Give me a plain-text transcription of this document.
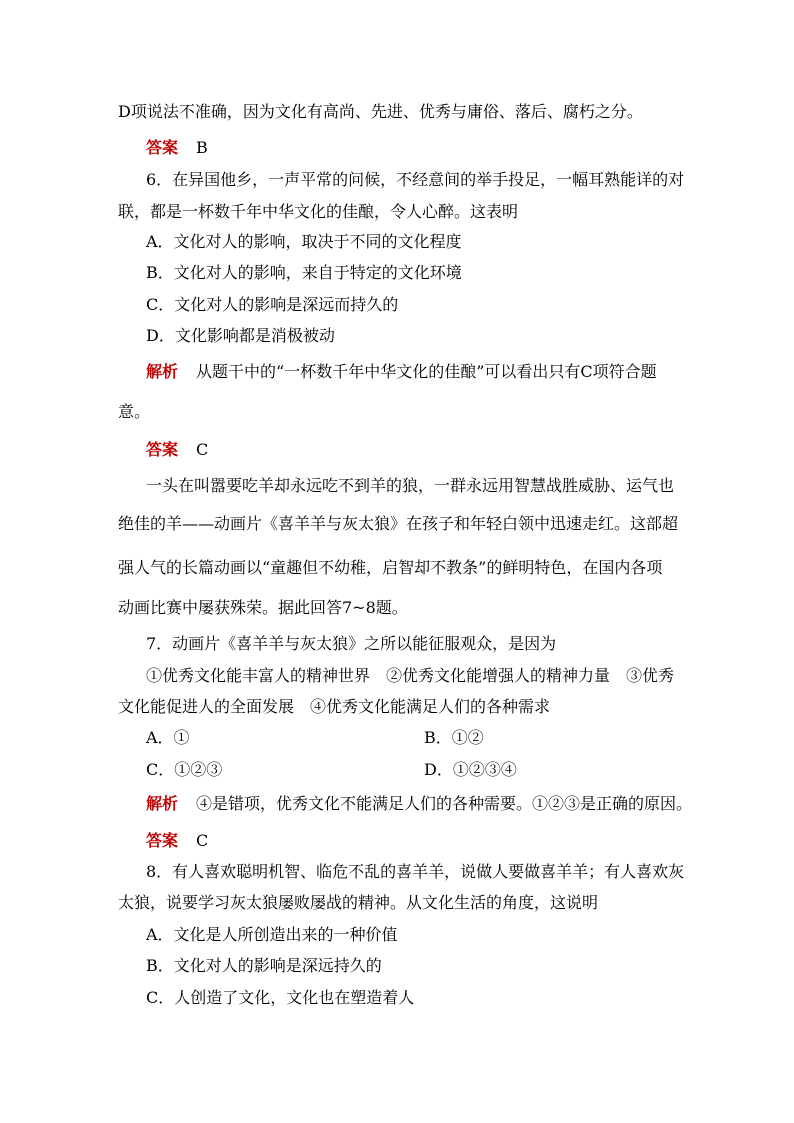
D项说法不准确，因为文化有高尚、先进、优秀与庸俗、落后、腐朽之分。
答案 B
6．在异国他乡，一声平常的问候，不经意间的举手投足，一幅耳熟能详的对
联，都是一杯数千年中华文化的佳酿，令人心醉。这表明
A．文化对人的影响，取决于不同的文化程度
B．文化对人的影响，来自于特定的文化环境
C．文化对人的影响是深远而持久的
D．文化影响都是消极被动
解析 从题干中的“一杯数千年中华文化的佳酿”可以看出只有C项符合题
意。
答案 C
一头在叫嚣要吃羊却永远吃不到羊的狼，一群永远用智慧战胜威胁、运气也
绝佳的羊——动画片《喜羊羊与灰太狼》在孩子和年轻白领中迅速走红。这部超
强人气的长篇动画以“童趣但不幼稚，启智却不教条”的鲜明特色，在国内各项
动画比赛中屡获殊荣。据此回答7~8题。
7．动画片《喜羊羊与灰太狼》之所以能征服观众，是因为
①优秀文化能丰富人的精神世界　②优秀文化能增强人的精神力量　③优秀
文化能促进人的全面发展　④优秀文化能满足人们的各种需求
A．①	B．①②
C．①②③	D．①②③④
解析 ④是错项，优秀文化不能满足人们的各种需要。①②③是正确的原因。
答案 C
8．有人喜欢聪明机智、临危不乱的喜羊羊，说做人要做喜羊羊；有人喜欢灰
太狼，说要学习灰太狼屡败屡战的精神。从文化生活的角度，这说明
A．文化是人所创造出来的一种价值
B．文化对人的影响是深远持久的
C．人创造了文化，文化也在塑造着人
